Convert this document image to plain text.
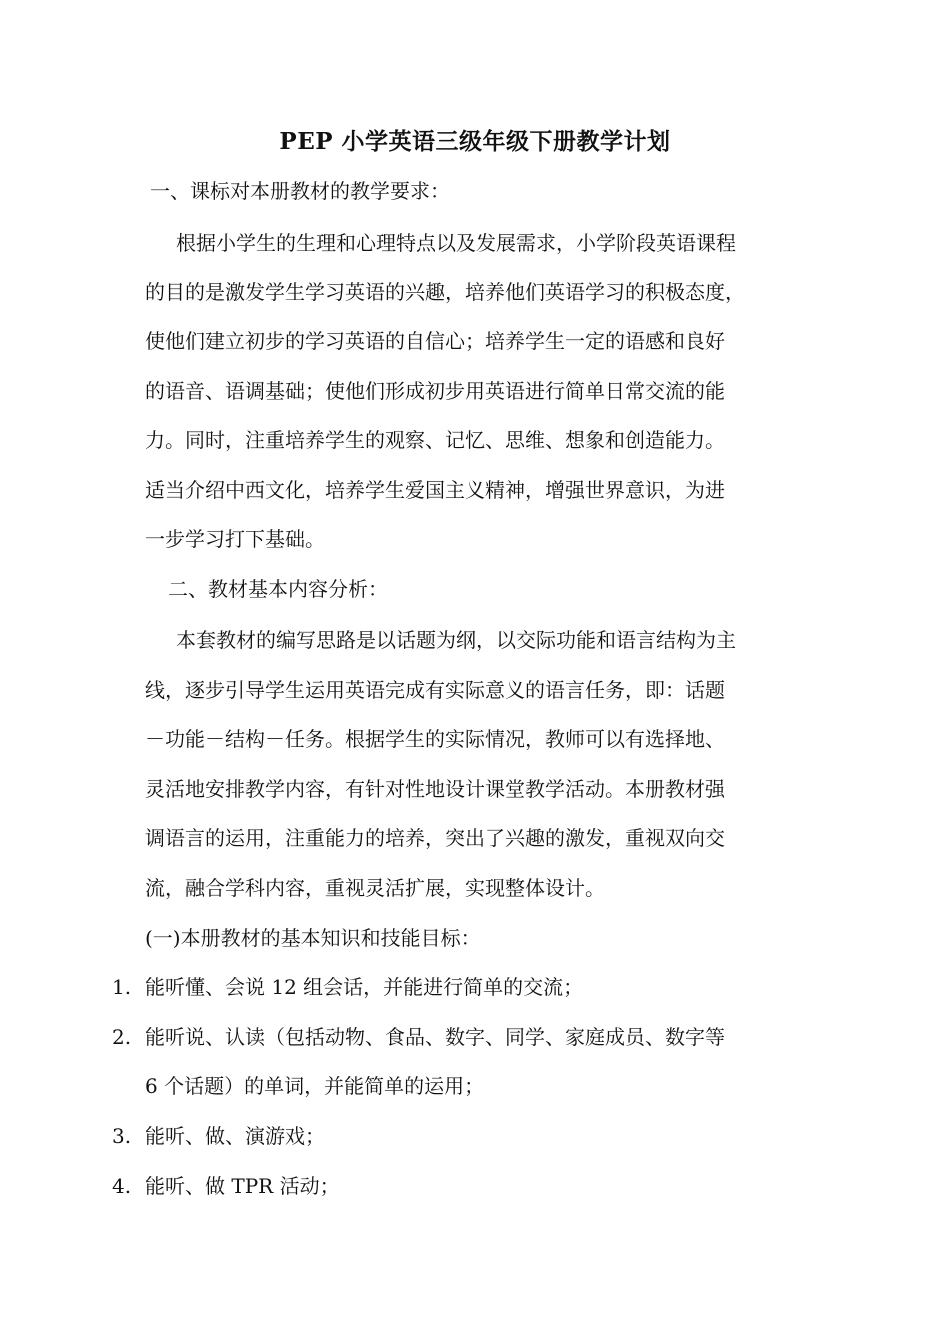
PEP 小学英语三级年级下册教学计划
一、课标对本册教材的教学要求：
根据小学生的生理和心理特点以及发展需求，小学阶段英语课程
的目的是激发学生学习英语的兴趣，培养他们英语学习的积极态度，
使他们建立初步的学习英语的自信心；培养学生一定的语感和良好
的语音、语调基础；使他们形成初步用英语进行简单日常交流的能
力。同时，注重培养学生的观察、记忆、思维、想象和创造能力。
适当介绍中西文化，培养学生爱国主义精神，增强世界意识，为进
一步学习打下基础。
二、教材基本内容分析：
本套教材的编写思路是以话题为纲，以交际功能和语言结构为主
线，逐步引导学生运用英语完成有实际意义的语言任务，即：话题
－功能－结构－任务。根据学生的实际情况，教师可以有选择地、
灵活地安排教学内容，有针对性地设计课堂教学活动。本册教材强
调语言的运用，注重能力的培养，突出了兴趣的激发，重视双向交
流，融合学科内容，重视灵活扩展，实现整体设计。
(一)本册教材的基本知识和技能目标：
1. 能听懂、会说 12 组会话，并能进行简单的交流；
2. 能听说、认读（包括动物、食品、数字、同学、家庭成员、数字等
6 个话题）的单词，并能简单的运用；
3. 能听、做、演游戏；
4. 能听、做 TPR 活动；
